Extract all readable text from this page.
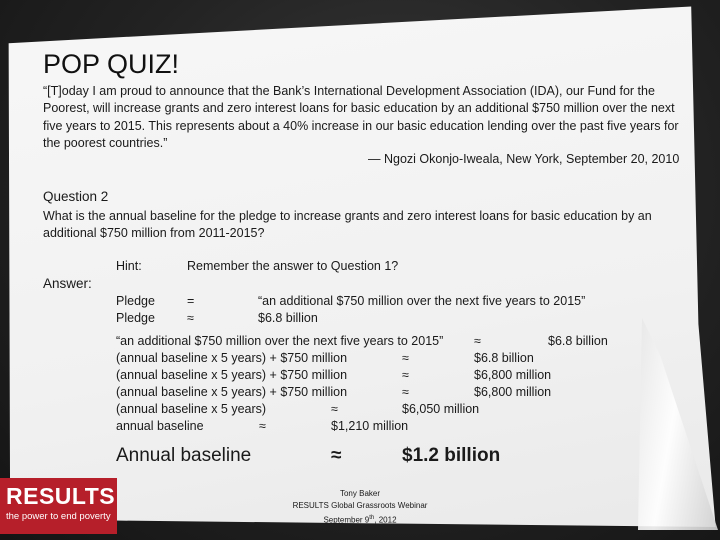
POP QUIZ!
“[T]oday I am proud to announce that the Bank’s International Development Association (IDA), our Fund for the Poorest, will increase grants and zero interest loans for basic education by an additional $750 million over the next five years to 2015. This represents about a 40% increase in our basic education lending over the past five years for the poorest countries.”
— Ngozi Okonjo-Iweala, New York, September 20, 2010
Question 2
What is the annual baseline for the pledge to increase grants and zero interest loans for basic education by an additional $750 million from 2011-2015?
Answer:
Hint:	Remember the answer to Question 1?
Pledge	=	“an additional $750 million over the next five years to 2015”
Pledge	≈	$6.8 billion
“an additional $750 million over the next five years to 2015” ≈	$6.8 billion
(annual baseline x 5 years) + $750 million	≈	$6.8 billion
(annual baseline x 5 years) + $750 million	≈	$6,800 million
(annual baseline x 5 years) + $750 million	≈	$6,800 million
(annual baseline x 5 years)	≈	$6,050 million
annual baseline	≈	$1,210 million
Annual baseline	≈	$1.2 billion
Tony Baker
RESULTS Global Grassroots Webinar
September 9th, 2012
RESULTS
the power to end poverty
